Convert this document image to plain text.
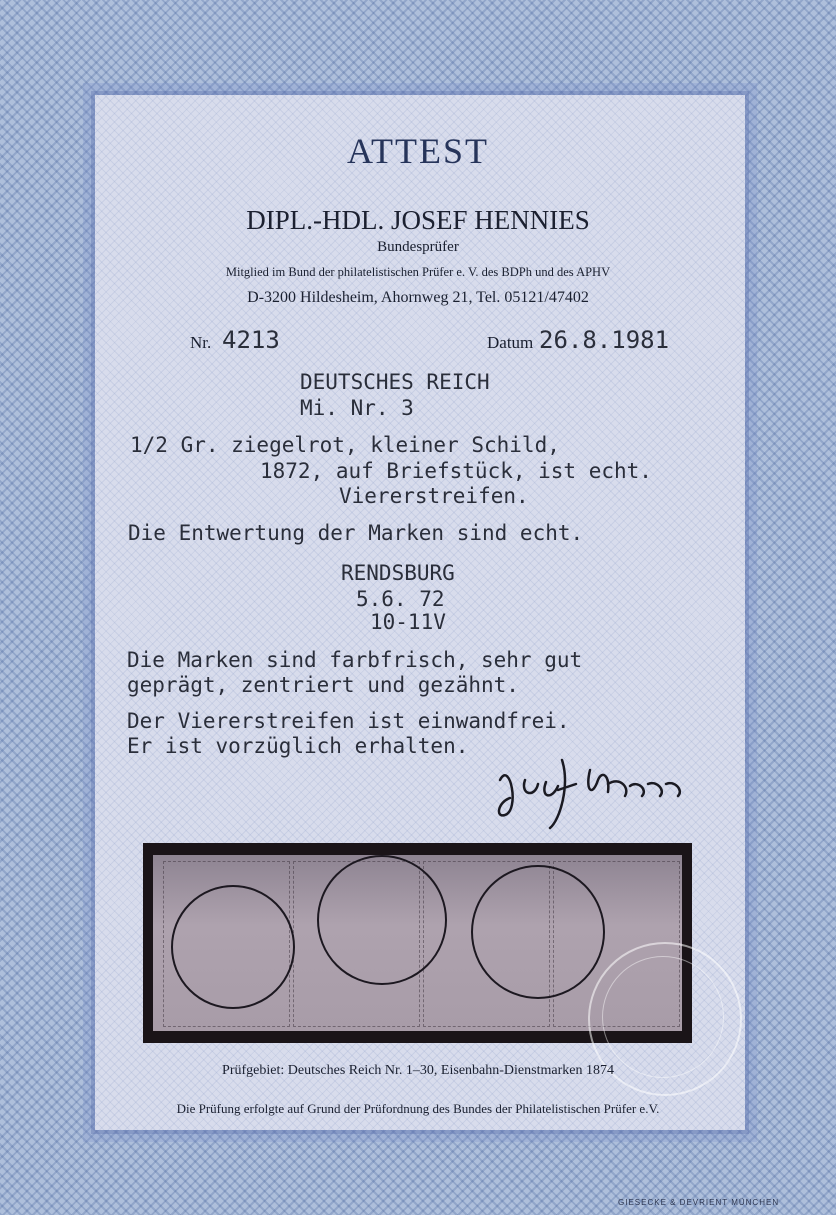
ATTEST
DIPL.-HDL. JOSEF HENNIES
Bundesprüfer
Mitglied im Bund der philatelistischen Prüfer e. V. des BDPh und des APHV
D-3200 Hildesheim, Ahornweg 21, Tel. 05121/47402
Nr. 4213	Datum 26.8.1981
DEUTSCHES REICH
Mi. Nr. 3
1/2 Gr. ziegelrot, kleiner Schild,
1872, auf Briefstück, ist echt.
Viererstreifen.
Die Entwertung der Marken sind echt.
RENDSBURG
5.6. 72
10-11V
Die Marken sind farbfrisch, sehr gut
geprägt, zentriert und gezähnt.
Der Viererstreifen ist einwandfrei.
Er ist vorzüglich erhalten.
Prüfgebiet: Deutsches Reich Nr. 1–30, Eisenbahn-Dienstmarken 1874
Die Prüfung erfolgte auf Grund der Prüfordnung des Bundes der Philatelistischen Prüfer e.V.
GIESECKE & DEVRIENT MÜNCHEN
